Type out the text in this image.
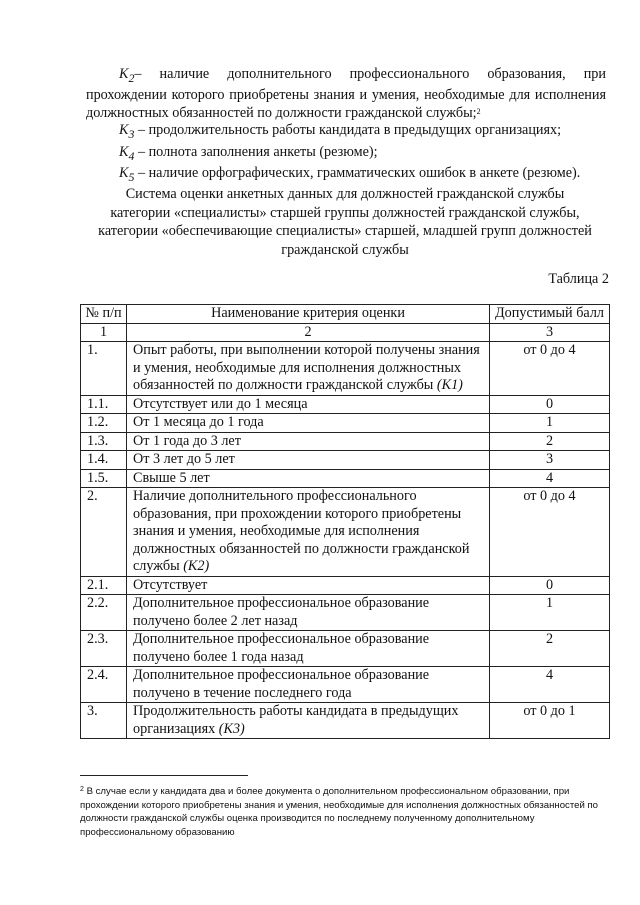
$K_2-$ наличие дополнительного профессионального образования, при прохождении которого приобретены знания и умения, необходимые для исполнения должностных обязанностей по должности гражданской службы;$^2$
$K_3$ – продолжительность работы кандидата в предыдущих организациях;
$K_4$ – полнота заполнения анкеты (резюме);
$K_5$ – наличие орфографических, грамматических ошибок в анкете (резюме).
Система оценки анкетных данных для должностей гражданской службы
категории «специалисты» старшей группы должностей гражданской службы,
категории «обеспечивающие специалисты» старшей, младшей групп должностей
гражданской службы
Таблица 2
№ п/п	Наименование критерия оценки	Допустимый балл
1	2	3
1.	Опыт работы, при выполнении которой получены знания и умения, необходимые для исполнения должностных обязанностей по должности гражданской службы (K1)	от 0 до 4
1.1.	Отсутствует или до 1 месяца	0
1.2.	От 1 месяца до 1 года	1
1.3.	От 1 года до 3 лет	2
1.4.	От 3 лет до 5 лет	3
1.5.	Свыше 5 лет	4
2.	Наличие дополнительного профессионального образования, при прохождении которого приобретены знания и умения, необходимые для исполнения должностных обязанностей по должности гражданской службы (K2)	от 0 до 4
2.1.	Отсутствует	0
2.2.	Дополнительное профессиональное образование получено более 2 лет назад	1
2.3.	Дополнительное профессиональное образование получено более 1 года назад	2
2.4.	Дополнительное профессиональное образование получено в течение последнего года	4
3.	Продолжительность работы кандидата в предыдущих организациях (K3)	от 0 до 1
$^2$ В случае если у кандидата два и более документа о дополнительном профессиональном образовании, при прохождении которого приобретены знания и умения, необходимые для исполнения должностных обязанностей по должности гражданской службы оценка производится по последнему полученному дополнительному профессиональному образованию
